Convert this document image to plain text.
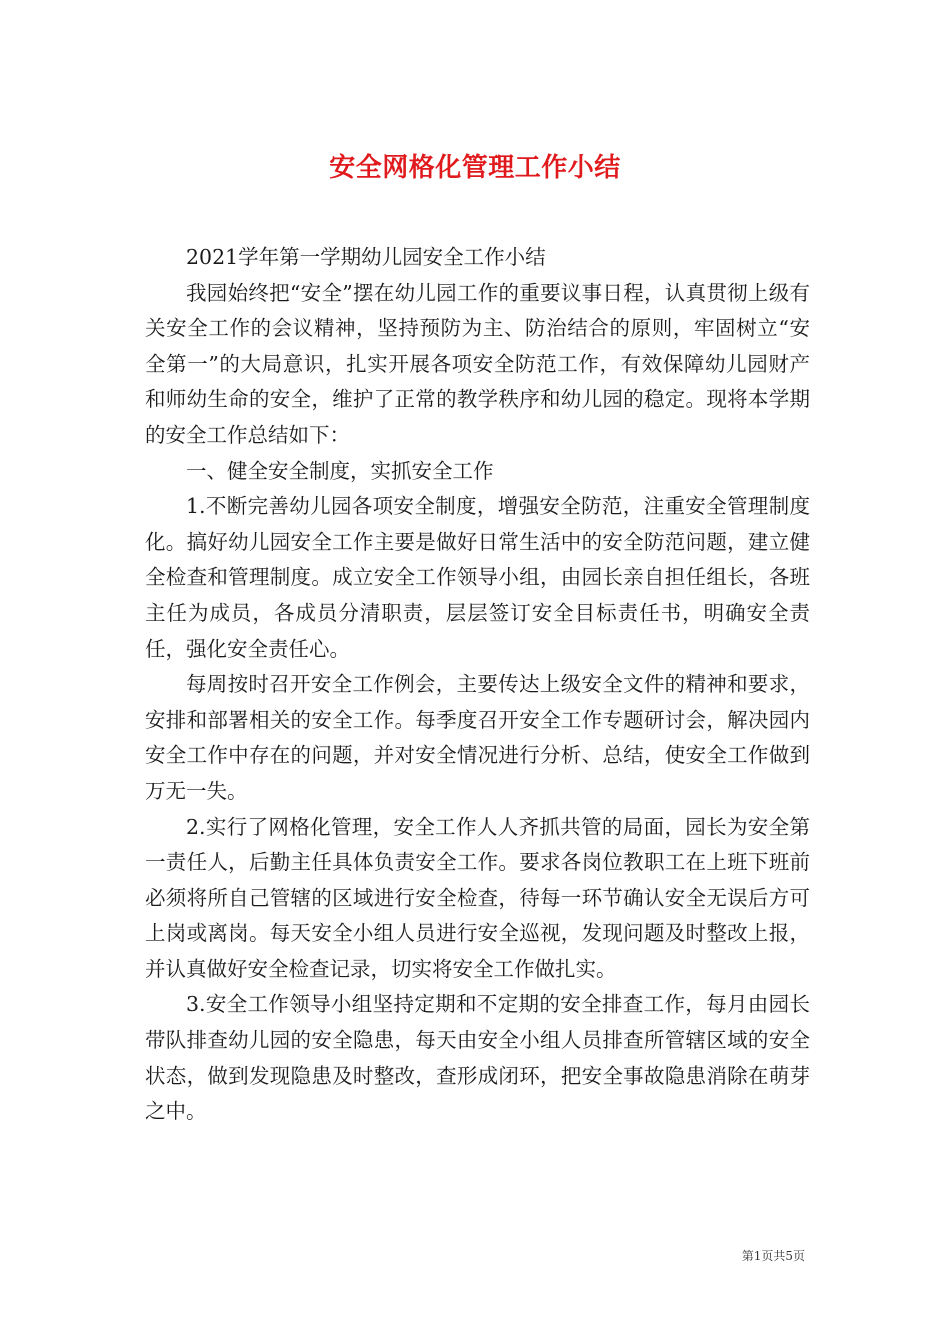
安全网格化管理工作小结

2021学年第一学期幼儿园安全工作小结

我园始终把“安全”摆在幼儿园工作的重要议事日程，认真贯彻上级有关安全工作的会议精神，坚持预防为主、防治结合的原则，牢固树立“安全第一”的大局意识，扎实开展各项安全防范工作，有效保障幼儿园财产和师幼生命的安全，维护了正常的教学秩序和幼儿园的稳定。现将本学期的安全工作总结如下：

一、健全安全制度，实抓安全工作

1.不断完善幼儿园各项安全制度，增强安全防范，注重安全管理制度化。搞好幼儿园安全工作主要是做好日常生活中的安全防范问题，建立健全检查和管理制度。成立安全工作领导小组，由园长亲自担任组长，各班主任为成员，各成员分清职责，层层签订安全目标责任书，明确安全责任，强化安全责任心。

每周按时召开安全工作例会，主要传达上级安全文件的精神和要求，安排和部署相关的安全工作。每季度召开安全工作专题研讨会，解决园内安全工作中存在的问题，并对安全情况进行分析、总结，使安全工作做到万无一失。

2.实行了网格化管理，安全工作人人齐抓共管的局面，园长为安全第一责任人，后勤主任具体负责安全工作。要求各岗位教职工在上班下班前必须将所自己管辖的区域进行安全检查，待每一环节确认安全无误后方可上岗或离岗。每天安全小组人员进行安全巡视，发现问题及时整改上报，并认真做好安全检查记录，切实将安全工作做扎实。

3.安全工作领导小组坚持定期和不定期的安全排查工作，每月由园长带队排查幼儿园的安全隐患，每天由安全小组人员排查所管辖区域的安全状态，做到发现隐患及时整改，查形成闭环，把安全事故隐患消除在萌芽之中。

第1页共5页
